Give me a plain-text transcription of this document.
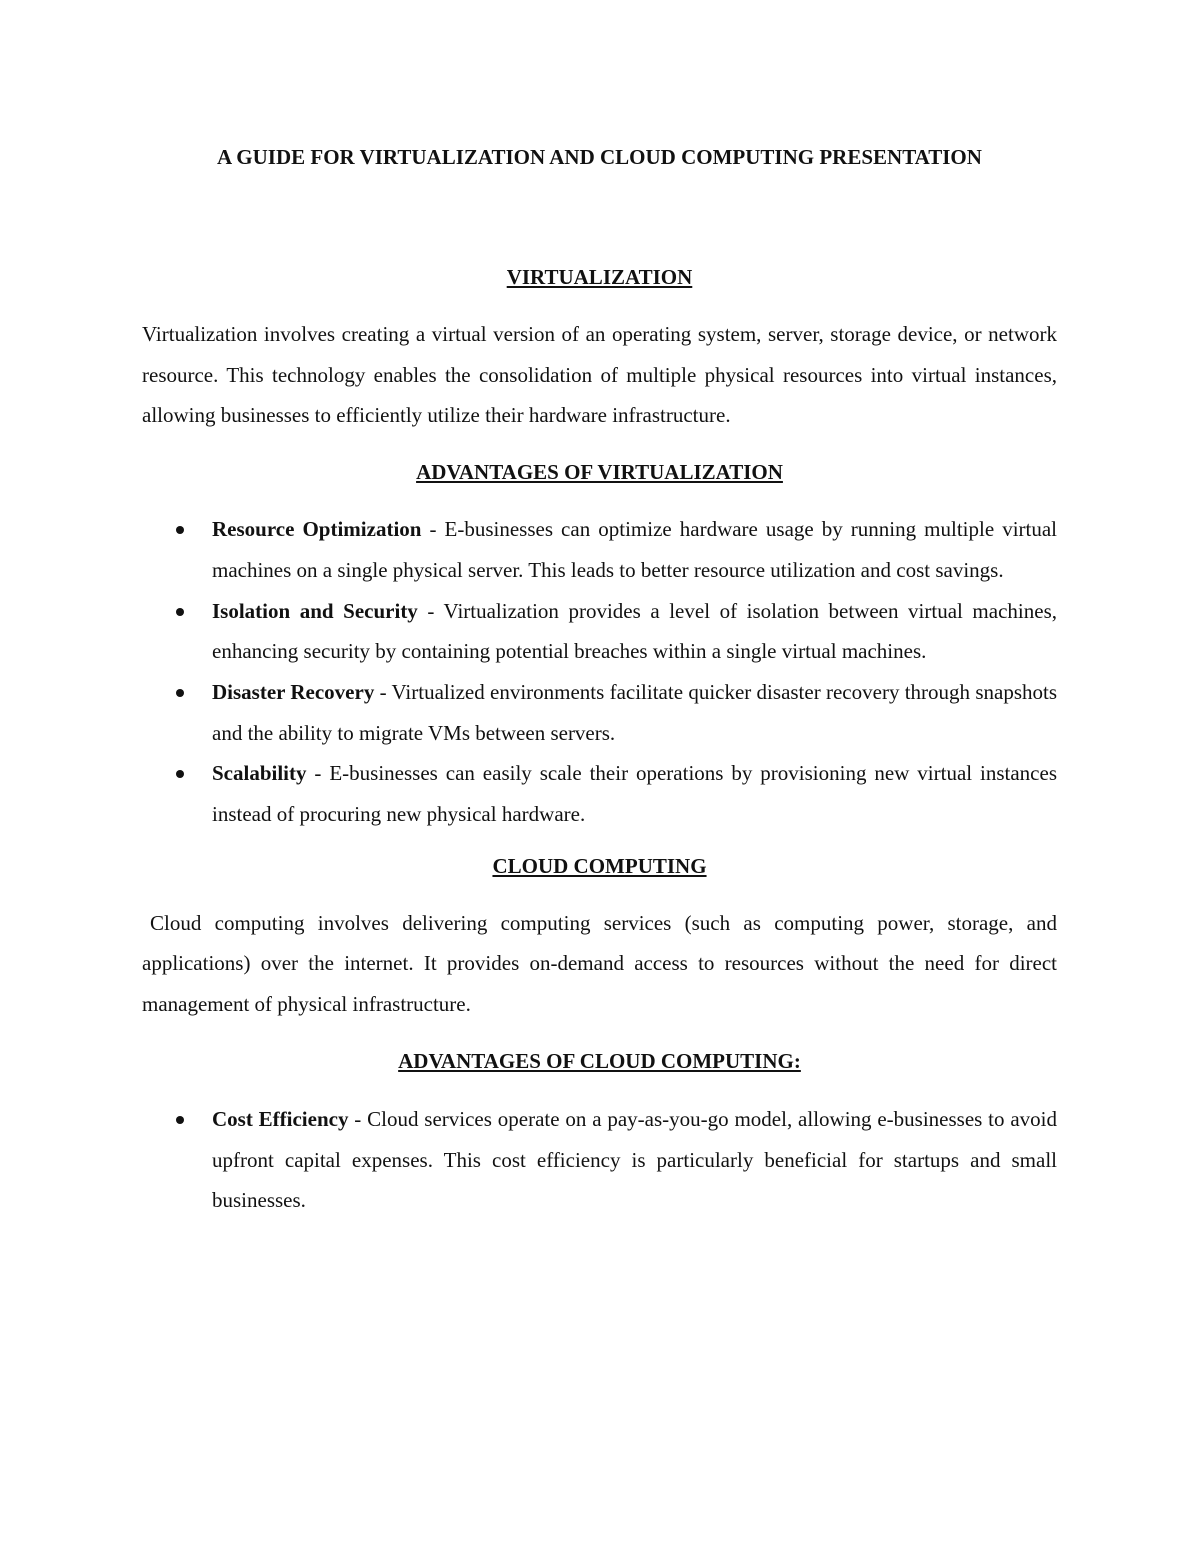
A GUIDE FOR VIRTUALIZATION AND CLOUD COMPUTING PRESENTATION
VIRTUALIZATION

Virtualization involves creating a virtual version of an operating system, server, storage device, or network resource. This technology enables the consolidation of multiple physical resources into virtual instances, allowing businesses to efficiently utilize their hardware infrastructure.

ADVANTAGES OF VIRTUALIZATION
Resource Optimization - E-businesses can optimize hardware usage by running multiple virtual machines on a single physical server. This leads to better resource utilization and cost savings.
Isolation and Security - Virtualization provides a level of isolation between virtual machines, enhancing security by containing potential breaches within a single virtual machines.
Disaster Recovery - Virtualized environments facilitate quicker disaster recovery through snapshots and the ability to migrate VMs between servers.
Scalability - E-businesses can easily scale their operations by provisioning new virtual instances instead of procuring new physical hardware.
CLOUD COMPUTING

Cloud computing involves delivering computing services (such as computing power, storage, and applications) over the internet. It provides on-demand access to resources without the need for direct management of physical infrastructure.

ADVANTAGES OF CLOUD COMPUTING:
Cost Efficiency - Cloud services operate on a pay-as-you-go model, allowing e-businesses to avoid upfront capital expenses. This cost efficiency is particularly beneficial for startups and small businesses.
